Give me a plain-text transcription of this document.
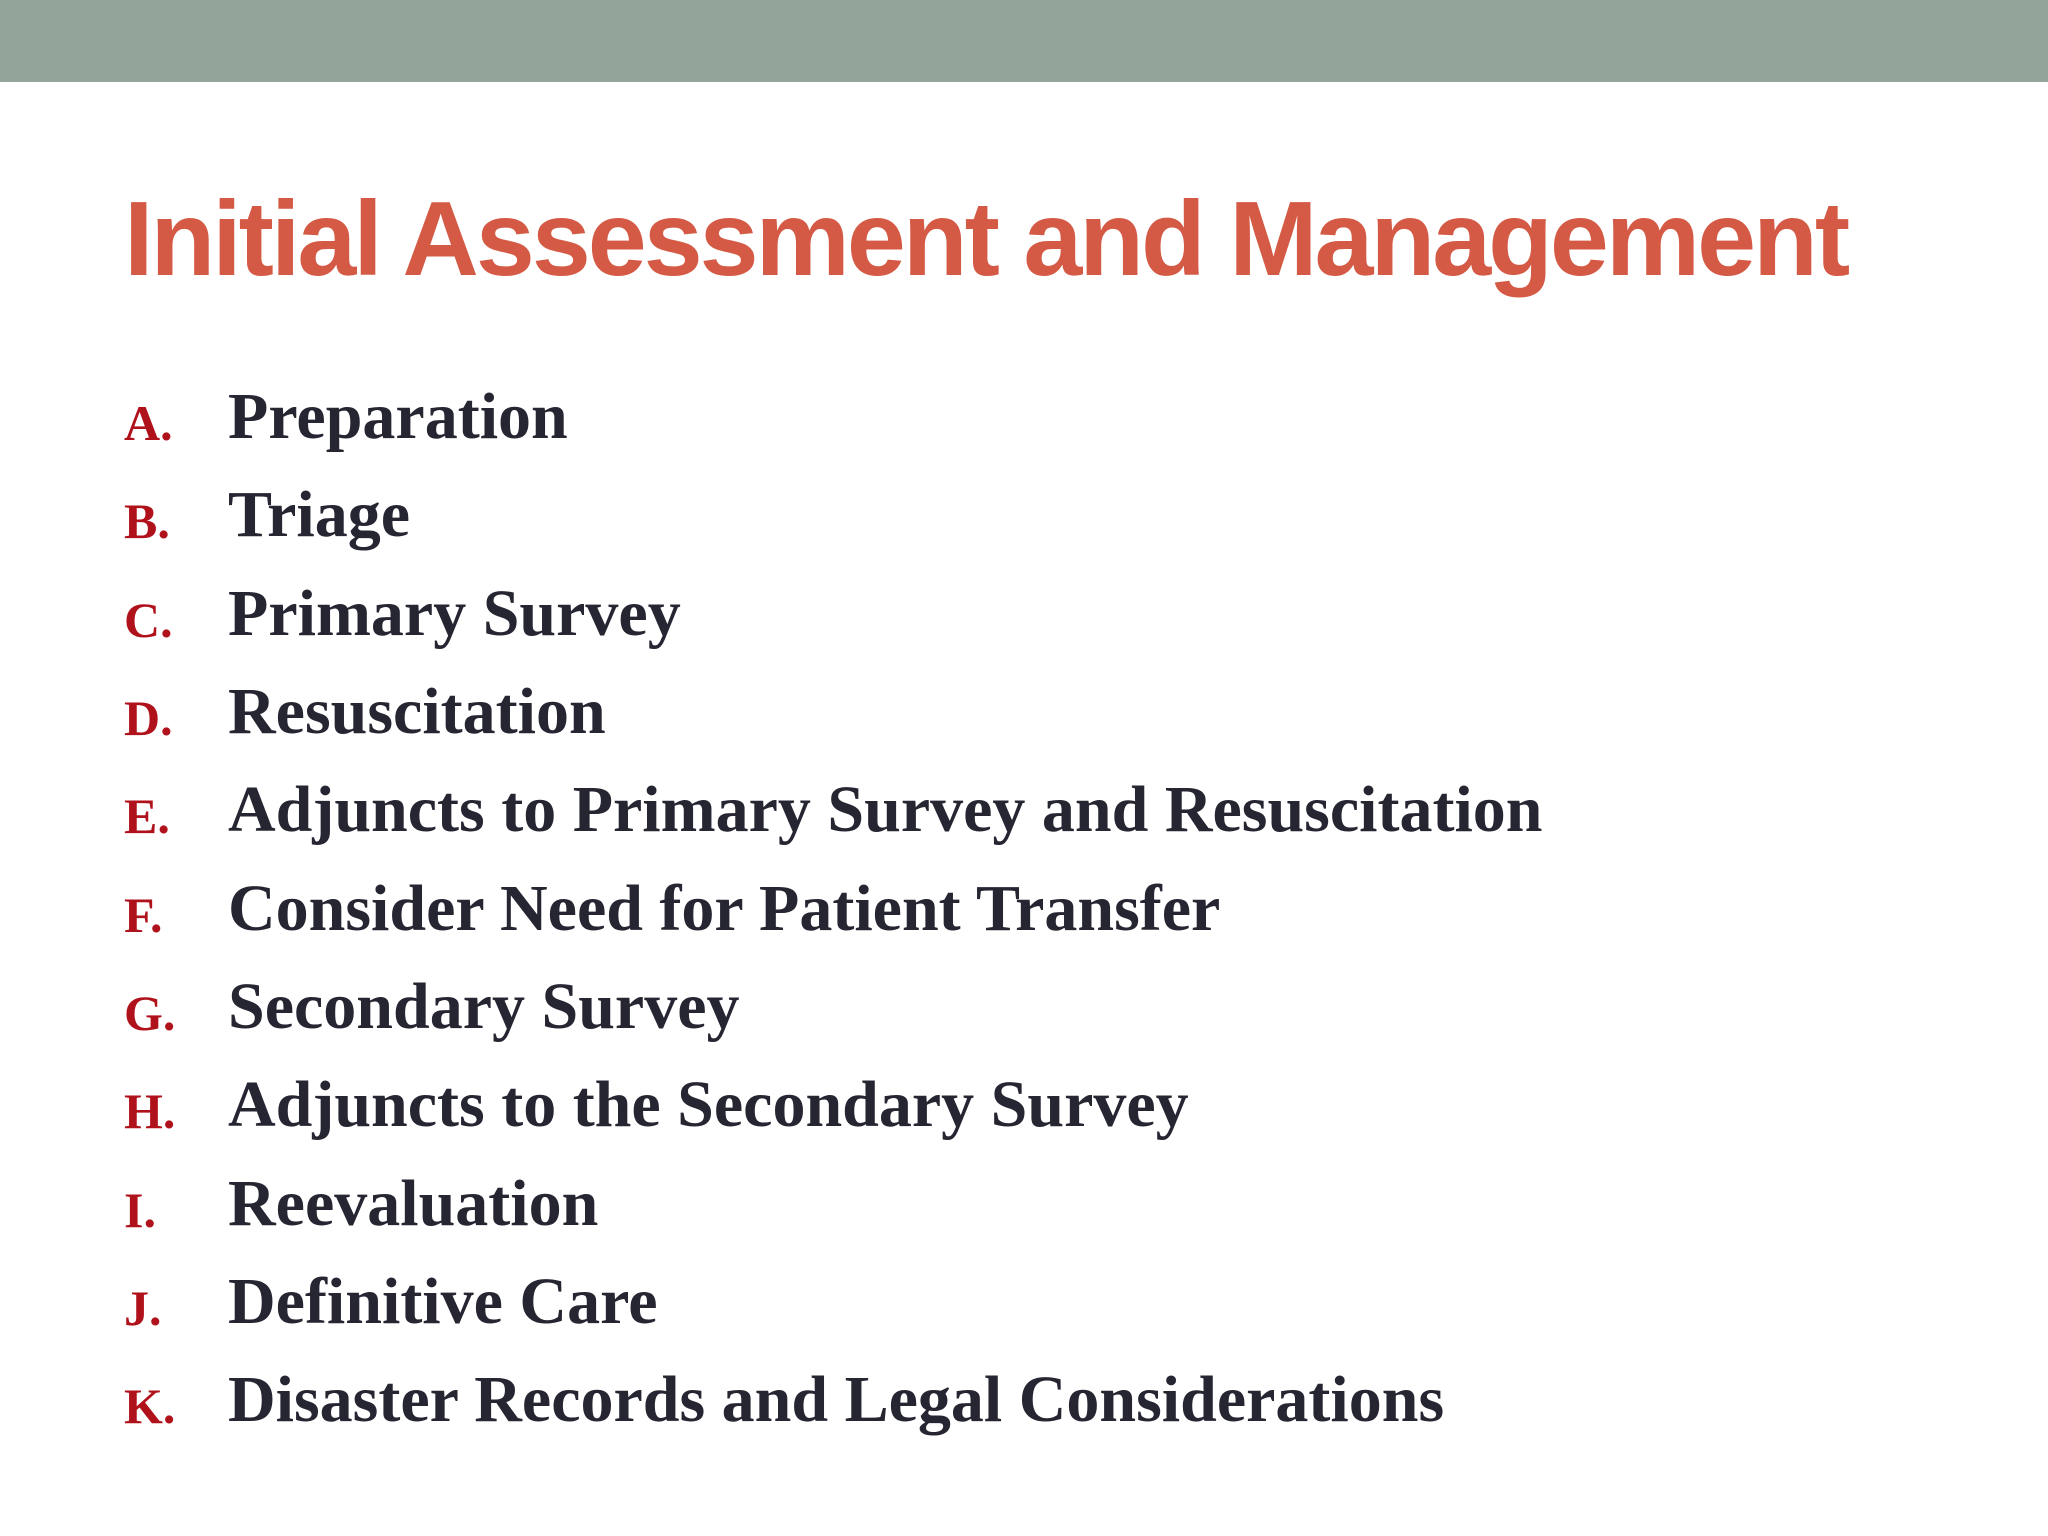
Initial Assessment and Management
A. Preparation
B. Triage
C. Primary Survey
D. Resuscitation
E. Adjuncts to Primary Survey and Resuscitation
F. Consider Need for Patient Transfer
G. Secondary Survey
H. Adjuncts to the Secondary Survey
I.	Reevaluation
J.	Definitive Care
K. Disaster Records and Legal Considerations
